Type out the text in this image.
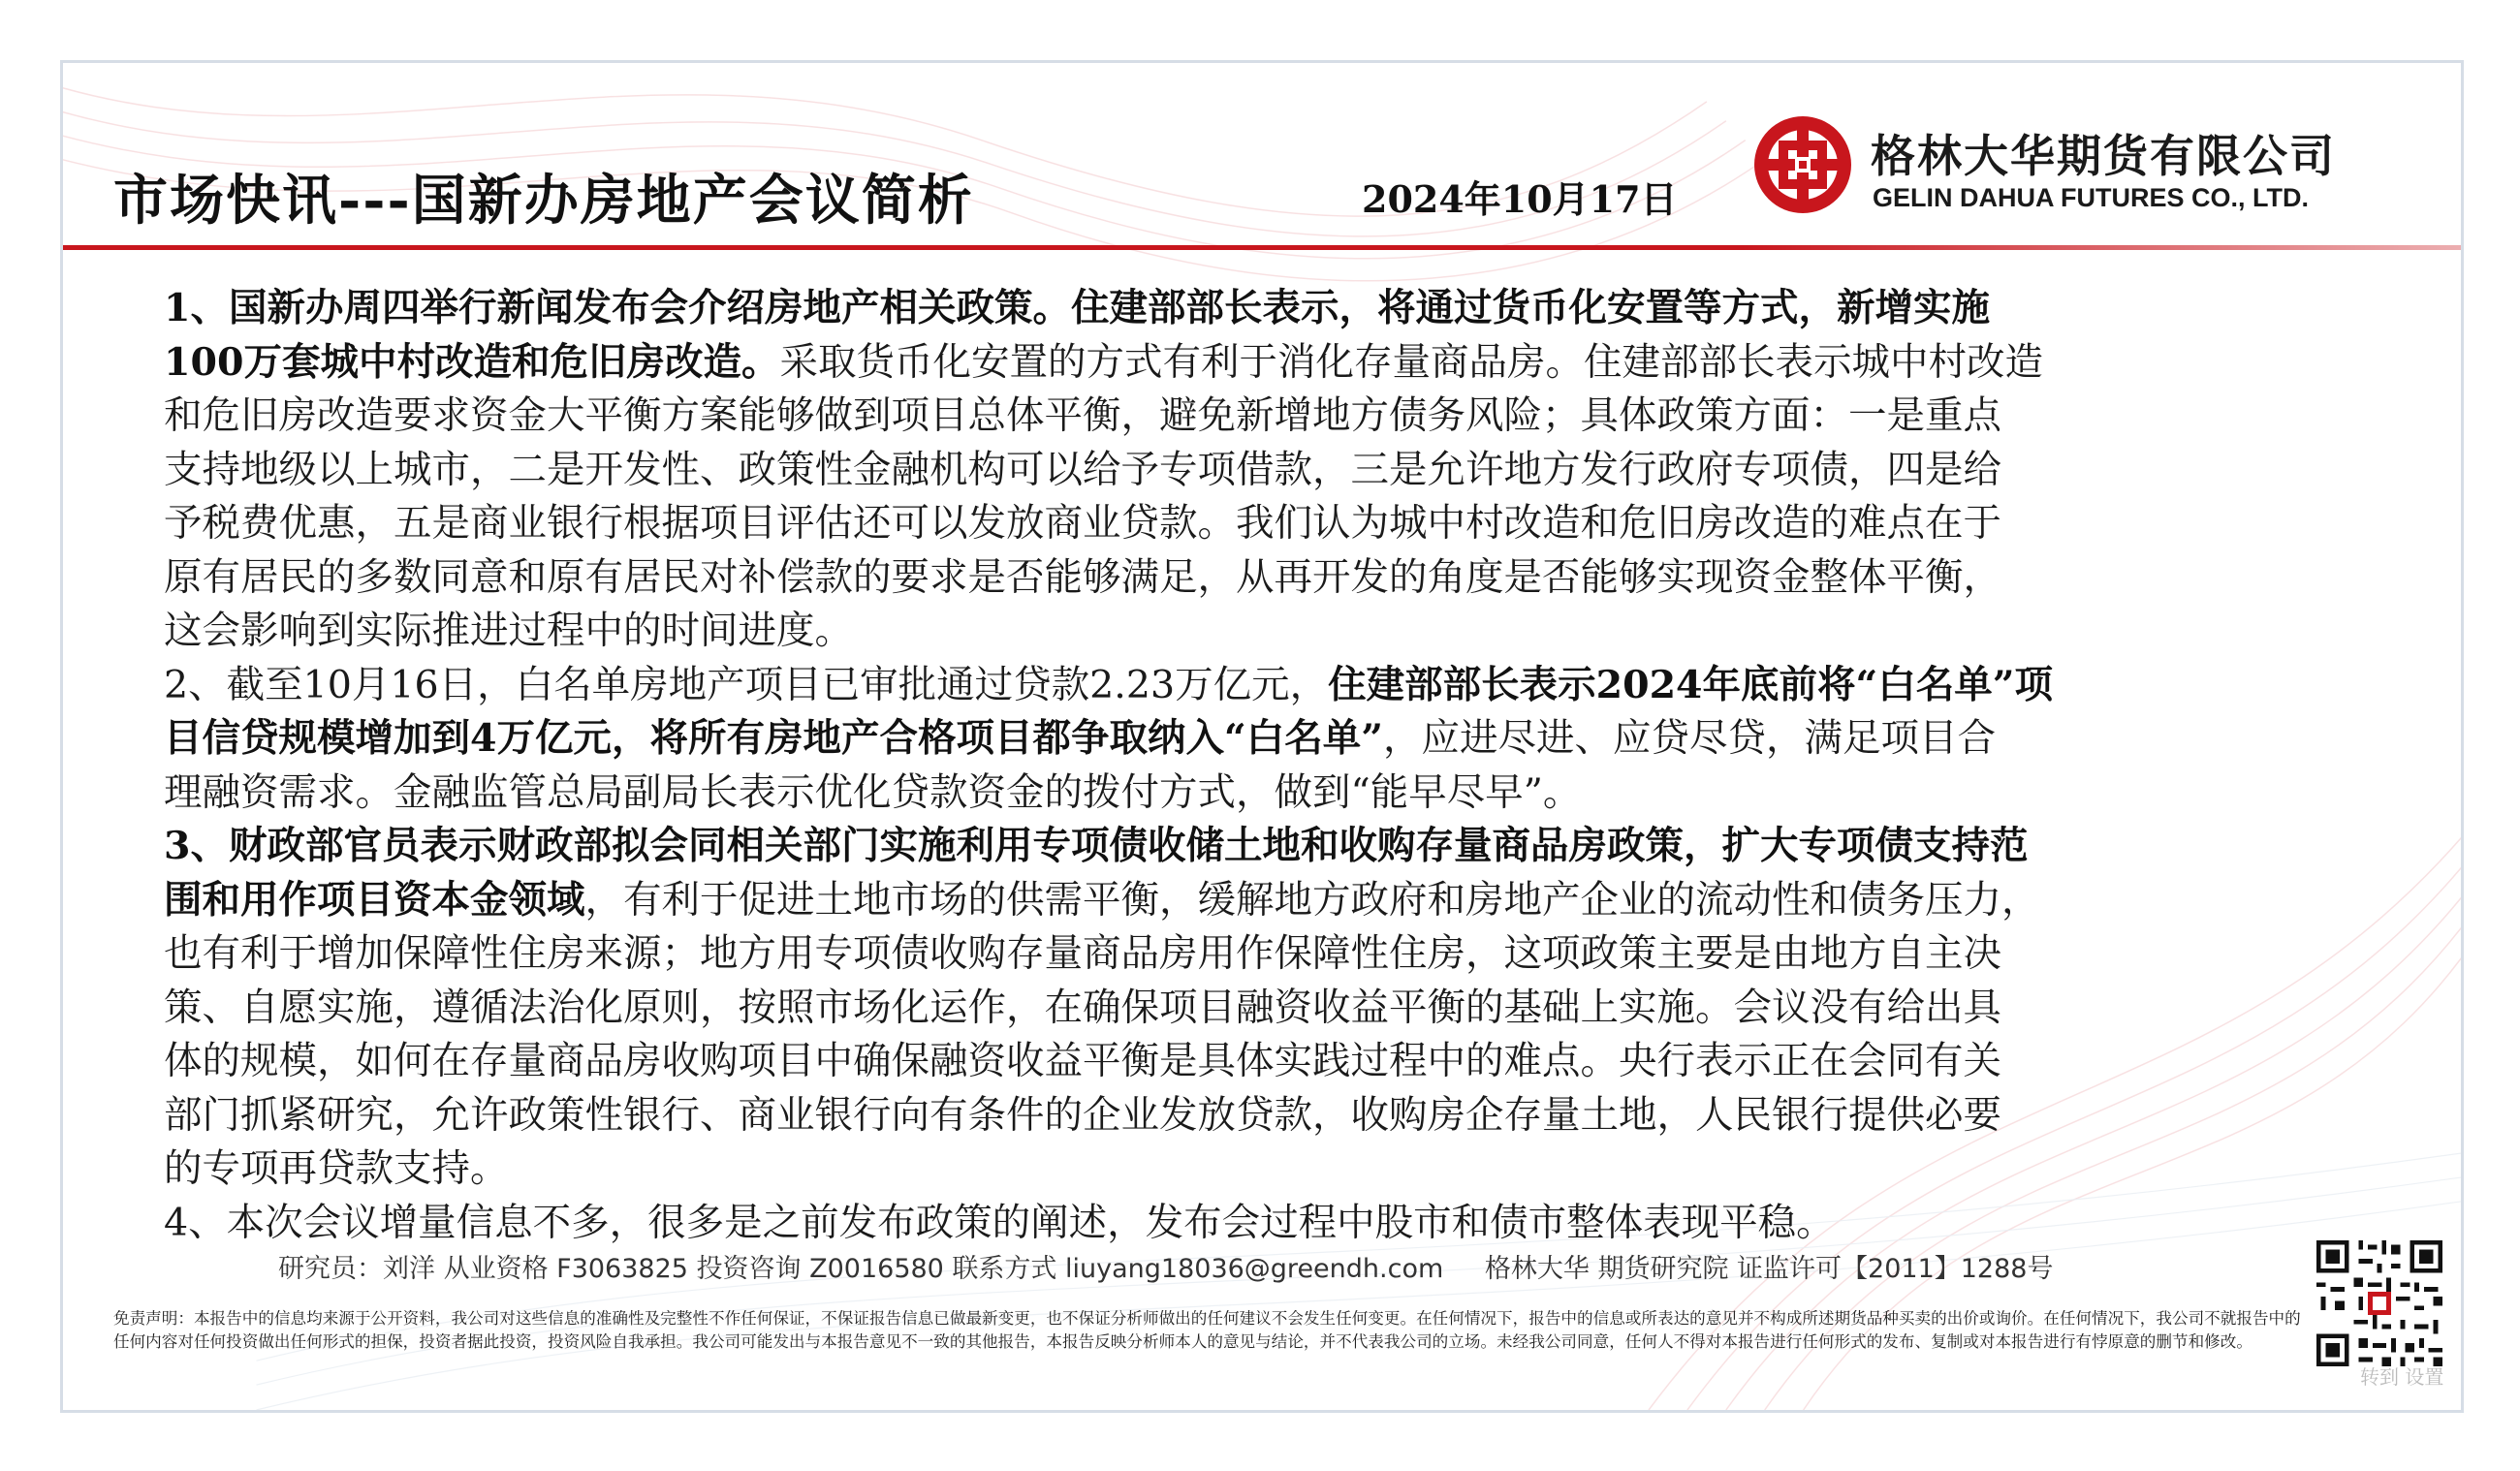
市场快讯---国新办房地产会议简析	2024年10月17日
格林大华期货有限公司
GELIN DAHUA FUTURES CO., LTD.
1、国新办周四举行新闻发布会介绍房地产相关政策。住建部部长表示，将通过货币化安置等方式，新增实施
100万套城中村改造和危旧房改造。采取货币化安置的方式有利于消化存量商品房。住建部部长表示城中村改造
和危旧房改造要求资金大平衡方案能够做到项目总体平衡，避免新增地方债务风险；具体政策方面：一是重点
支持地级以上城市，二是开发性、政策性金融机构可以给予专项借款，三是允许地方发行政府专项债，四是给
予税费优惠，五是商业银行根据项目评估还可以发放商业贷款。我们认为城中村改造和危旧房改造的难点在于
原有居民的多数同意和原有居民对补偿款的要求是否能够满足，从再开发的角度是否能够实现资金整体平衡，
这会影响到实际推进过程中的时间进度。
2、截至10月16日，白名单房地产项目已审批通过贷款2.23万亿元，住建部部长表示2024年底前将“白名单”项
目信贷规模增加到4万亿元，将所有房地产合格项目都争取纳入“白名单”，应进尽进、应贷尽贷，满足项目合
理融资需求。金融监管总局副局长表示优化贷款资金的拨付方式，做到“能早尽早”。
3、财政部官员表示财政部拟会同相关部门实施利用专项债收储土地和收购存量商品房政策，扩大专项债支持范
围和用作项目资本金领域，有利于促进土地市场的供需平衡，缓解地方政府和房地产企业的流动性和债务压力，
也有利于增加保障性住房来源；地方用专项债收购存量商品房用作保障性住房，这项政策主要是由地方自主决
策、自愿实施，遵循法治化原则，按照市场化运作，在确保项目融资收益平衡的基础上实施。会议没有给出具
体的规模，如何在存量商品房收购项目中确保融资收益平衡是具体实践过程中的难点。央行表示正在会同有关
部门抓紧研究，允许政策性银行、商业银行向有条件的企业发放贷款，收购房企存量土地，人民银行提供必要
的专项再贷款支持。
4、本次会议增量信息不多，很多是之前发布政策的阐述，发布会过程中股市和债市整体表现平稳。
研究员：刘洋 从业资格 F3063825 投资咨询 Z0016580 联系方式 liuyang18036@greendh.com 格林大华 期货研究院 证监许可【2011】1288号
免责声明：本报告中的信息均来源于公开资料，我公司对这些信息的准确性及完整性不作任何保证，不保证报告信息已做最新变更，也不保证分析师做出的任何建议不会发生任何变更。在任何情况下，报告中的信息或所表达的意见并不构成所述期货品种买卖的出价或询价。在任何情况下，我公司不就报告中的任何内容对任何投资做出任何形式的担保，投资者据此投资，投资风险自我承担。我公司可能发出与本报告意见不一致的其他报告，本报告反映分析师本人的意见与结论，并不代表我公司的立场。未经我公司同意，任何人不得对本报告进行任何形式的发布、复制或对本报告进行有悖原意的删节和修改。
转到 设置
